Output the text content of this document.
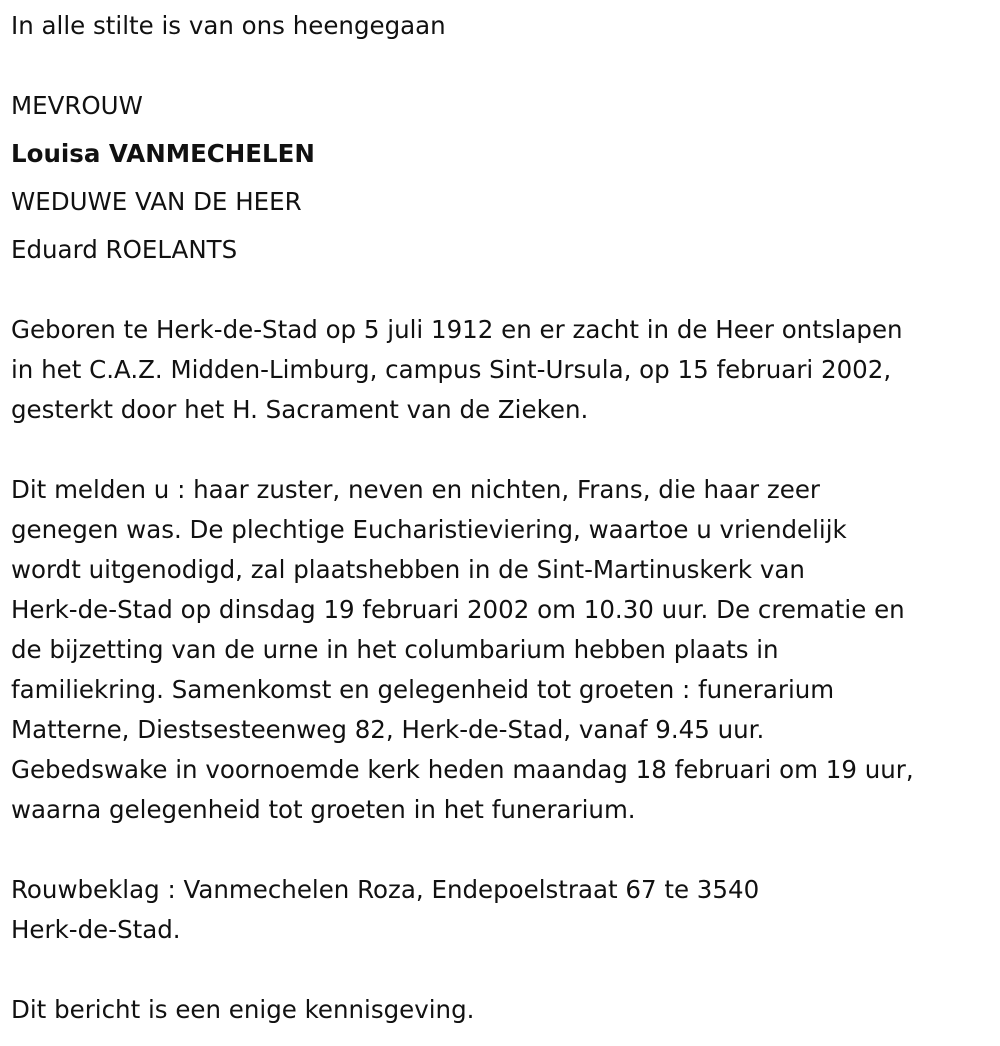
In alle stilte is van ons heengegaan
MEVROUW
Louisa VANMECHELEN
WEDUWE VAN DE HEER
Eduard ROELANTS
Geboren te Herk-de-Stad op 5 juli 1912 en er zacht in de Heer ontslapen
in het C.A.Z. Midden-Limburg, campus Sint-Ursula, op 15 februari 2002,
gesterkt door het H. Sacrament van de Zieken.
Dit melden u : haar zuster, neven en nichten, Frans, die haar zeer
genegen was. De plechtige Eucharistieviering, waartoe u vriendelijk
wordt uitgenodigd, zal plaatshebben in de Sint-Martinuskerk van
Herk-de-Stad op dinsdag 19 februari 2002 om 10.30 uur. De crematie en
de bijzetting van de urne in het columbarium hebben plaats in
familiekring. Samenkomst en gelegenheid tot groeten : funerarium
Matterne, Diestsesteenweg 82, Herk-de-Stad, vanaf 9.45 uur.
Gebedswake in voornoemde kerk heden maandag 18 februari om 19 uur,
waarna gelegenheid tot groeten in het funerarium.
Rouwbeklag : Vanmechelen Roza, Endepoelstraat 67 te 3540
Herk-de-Stad.
Dit bericht is een enige kennisgeving.
